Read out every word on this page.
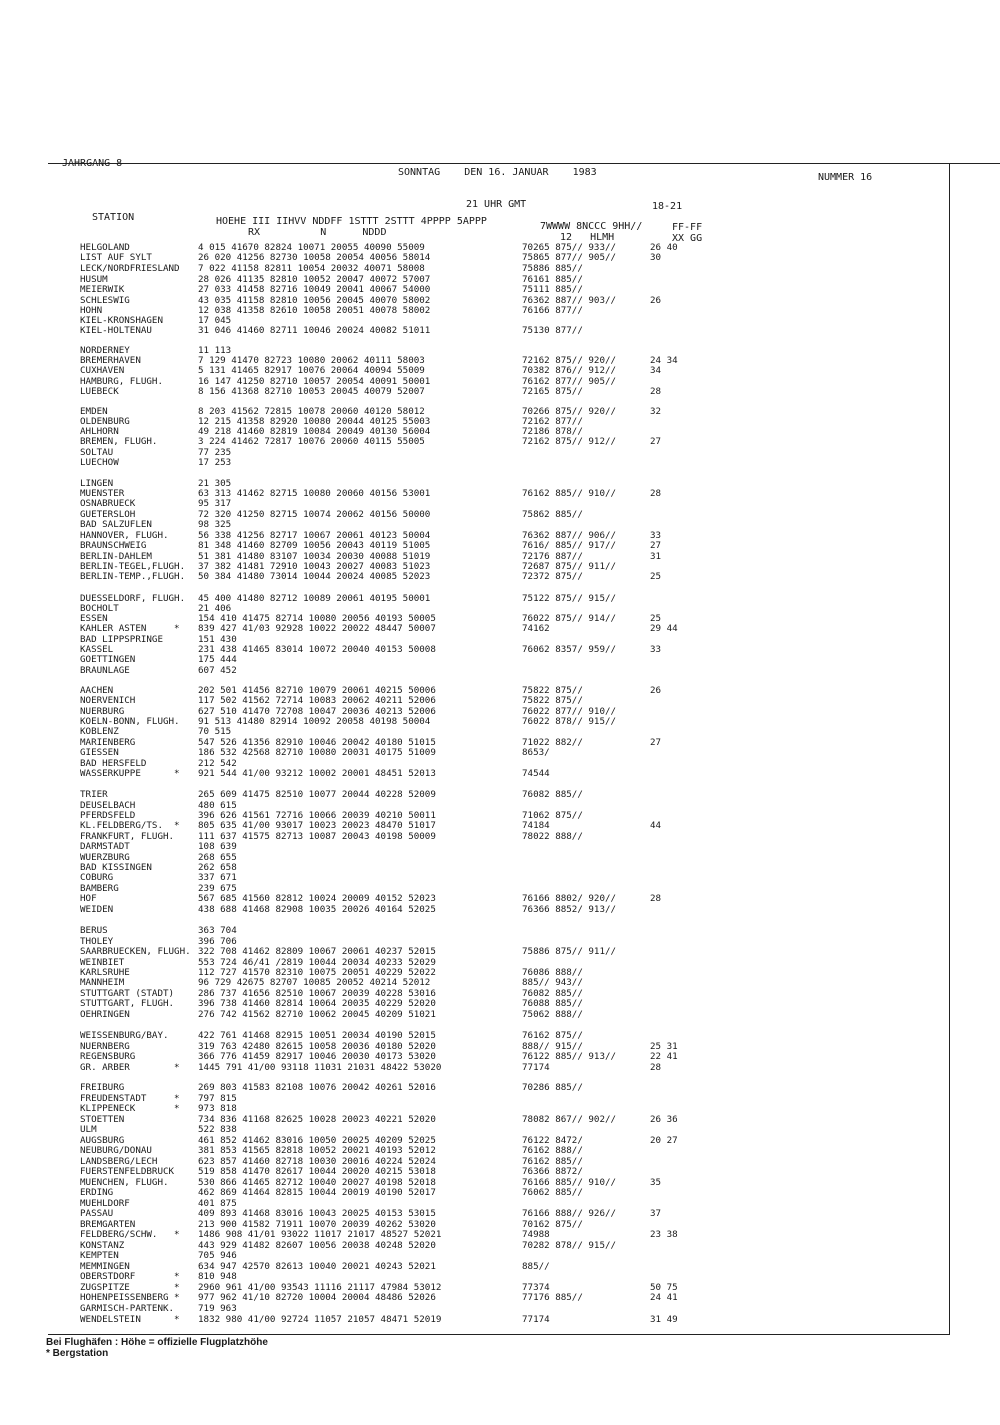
JAHRGANG 8
SONNTAG    DEN 16. JANUAR    1983	NUMMER 16
21 UHR GMT	18-21
STATION	HOEHE III IIHVV NDDFF 1STTT 2STTT 4PPPP 5APPP
RX          N      NDDD
7WWWW 8NCCC 9HH//
12   HLMH
FF-FF
XX GG
HELGOLAND	4 015 41670 82824 10071 20055 40090 55009	70265 875// 933//	26 40
LIST AUF SYLT	26 020 41256 82730 10058 20054 40056 58014	75865 877// 905//	30
LECK/NORDFRIESLAND 7 022 41158 82811 10054 20032 40071 58008	75886 885//
HUSUM	28 026 41135 82810 10052 20047 40072 57007	76161 885//
MEIERWIK	27 033 41458 82716 10049 20041 40067 54000	75111 885//
SCHLESWIG	43 035 41158 82810 10056 20045 40070 58002	76362 887// 903//	26
HOHN	12 038 41358 82610 10058 20051 40078 58002	76166 877//
KIEL-KRONSHAGEN	17 045
KIEL-HOLTENAU	31 046 41460 82711 10046 20024 40082 51011	75130 877//
NORDERNEY	11 113
BREMERHAVEN	7 129 41470 82723 10080 20062 40111 58003	72162 875// 920//	24 34
CUXHAVEN	5 131 41465 82917 10076 20064 40094 55009	70382 876// 912//	34
HAMBURG, FLUGH.	16 147 41250 82710 10057 20054 40091 50001	76162 877// 905//
LUEBECK	8 156 41368 82710 10053 20045 40079 52007	72165 875//	28
EMDEN	8 203 41562 72815 10078 20060 40120 58012	70266 875// 920//	32
OLDENBURG	12 215 41358 82920 10080 20044 40125 55003	72162 877//
AHLHORN	49 218 41460 82819 10084 20049 40130 56004	72186 878//
BREMEN, FLUGH.	3 224 41462 72817 10076 20060 40115 55005	72162 875// 912//	27
SOLTAU	77 235
LUECHOW	17 253
LINGEN	21 305
MUENSTER	63 313 41462 82715 10080 20060 40156 53001	76162 885// 910//	28
OSNABRUECK	95 317
GUETERSLOH	72 320 41250 82715 10074 20062 40156 50000	75862 885//
BAD SALZUFLEN	98 325
HANNOVER, FLUGH.	56 338 41256 82717 10067 20061 40123 50004	76362 887// 906//	33
BRAUNSCHWEIG	81 348 41460 82709 10056 20043 40119 51005	7616/ 885// 917//	27
BERLIN-DAHLEM	51 381 41480 83107 10034 20030 40088 51019	72176 887//	31
BERLIN-TEGEL,FLUGH. 37 382 41481 72910 10043 20027 40083 51023	72687 875// 911//
BERLIN-TEMP.,FLUGH. 50 384 41480 73014 10044 20024 40085 52023	72372 875//	25
DUESSELDORF, FLUGH. 45 400 41480 82712 10089 20061 40195 50001	75122 875// 915//
BOCHOLT	21 406
ESSEN	154 410 41475 82714 10080 20056 40193 50005	76022 875// 914//	25
KAHLER ASTEN	* 839 427 41/03 92928 10022 20022 48447 50007	74162	29 44
BAD LIPPSPRINGE	151 430
KASSEL	231 438 41465 83014 10072 20040 40153 50008	76062 8357/ 959//	33
GOETTINGEN	175 444
BRAUNLAGE	607 452
AACHEN	202 501 41456 82710 10079 20061 40215 50006	75822 875//	26
NOERVENICH	117 502 41562 72714 10083 20062 40211 52006	75822 875//
NUERBURG	627 510 41470 72708 10047 20036 40213 52006	76022 877// 910//
KOELN-BONN, FLUGH. 91 513 41480 82914 10092 20058 40198 50004	76022 878// 915//
KOBLENZ	70 515
MARIENBERG	547 526 41356 82910 10046 20042 40180 51015	71022 882//	27
GIESSEN	186 532 42568 82710 10080 20031 40175 51009	8653/
BAD HERSFELD	212 542
WASSERKUPPE	* 921 544 41/00 93212 10002 20001 48451 52013	74544
TRIER	265 609 41475 82510 10077 20044 40228 52009	76082 885//
DEUSELBACH	480 615
PFERDSFELD	396 626 41561 72716 10066 20039 40210 50011	71062 875//
KL.FELDBERG/TS. * 805 635 41/00 93017 10023 20023 48470 51017	74184	44
FRANKFURT, FLUGH.	111 637 41575 82713 10087 20043 40198 50009	78022 888//
DARMSTADT	108 639
WUERZBURG	268 655
BAD KISSINGEN	262 658
COBURG	337 671
BAMBERG	239 675
HOF	567 685 41560 82812 10024 20009 40152 52023	76166 8802/ 920//	28
WEIDEN	438 688 41468 82908 10035 20026 40164 52025	76366 8852/ 913//
BERUS	363 704
THOLEY	396 706
SAARBRUECKEN, FLUGH. 322 708 41462 82809 10067 20061 40237 52015	75886 875// 911//
WEINBIET	553 724 46/41 /2819 10044 20034 40233 52029
KARLSRUHE	112 727 41570 82310 10075 20051 40229 52022	76086 888//
MANNHEIM	96 729 42675 82707 10085 20052 40214 52012	885// 943//
STUTTGART (STADT)	286 737 41656 82510 10067 20039 40228 53016	76082 885//
STUTTGART, FLUGH.	396 738 41460 82814 10064 20035 40229 52020	76088 885//
OEHRINGEN	276 742 41562 82710 10062 20045 40209 51021	75062 888//
WEISSENBURG/BAY.	422 761 41468 82915 10051 20034 40190 52015	76162 875//
NUERNBERG	319 763 42480 82615 10058 20036 40180 52020	888// 915//	25 31
REGENSBURG	366 776 41459 82917 10046 20030 40173 53020	76122 885// 913//	22 41
GR. ARBER	* 1445 791 41/00 93118 11031 21031 48422 53020	77174	28
FREIBURG	269 803 41583 82108 10076 20042 40261 52016	70286 885//
FREUDENSTADT	* 797 815
KLIPPENECK	* 973 818
STOETTEN	734 836 41168 82625 10028 20023 40221 52020	78082 867// 902//	26 36
ULM	522 838
AUGSBURG	461 852 41462 83016 10050 20025 40209 52025	76122 8472/	20 27
NEUBURG/DONAU	381 853 41565 82818 10052 20021 40193 52012	76162 888//
LANDSBERG/LECH	623 857 41460 82718 10030 20016 40224 52024	76162 885//
FUERSTENFELDBRUCK	519 858 41470 82617 10044 20020 40215 53018	76366 8872/
MUENCHEN, FLUGH.	530 866 41465 82712 10040 20027 40198 52018	76166 885// 910//	35
ERDING	462 869 41464 82815 10044 20019 40190 52017	76062 885//
MUEHLDORF	401 875
PASSAU	409 893 41468 83016 10043 20025 40153 53015	76166 888// 926//	37
BREMGARTEN	213 900 41582 71911 10070 20039 40262 53020	70162 875//
FELDBERG/SCHW. * 1486 908 41/01 93022 11017 21017 48527 52021	74988	23 38
KONSTANZ	443 929 41482 82607 10056 20038 40248 52020	70282 878// 915//
KEMPTEN	705 946
MEMMINGEN	634 947 42570 82613 10040 20021 40243 52021	885//
OBERSTDORF	* 810 948
ZUGSPITZE	* 2960 961 41/00 93543 11116 21117 47984 53012	77374	50 75
HOHENPEISSENBERG * 977 962 41/10 82720 10004 20004 48486 52026	77176 885//	24 41
GARMISCH-PARTENK.	719 963
WENDELSTEIN	* 1832 980 41/00 92724 11057 21057 48471 52019	77174	31 49
Bei Flughäfen : Höhe = offizielle Flugplatzhöhe
* Bergstation
